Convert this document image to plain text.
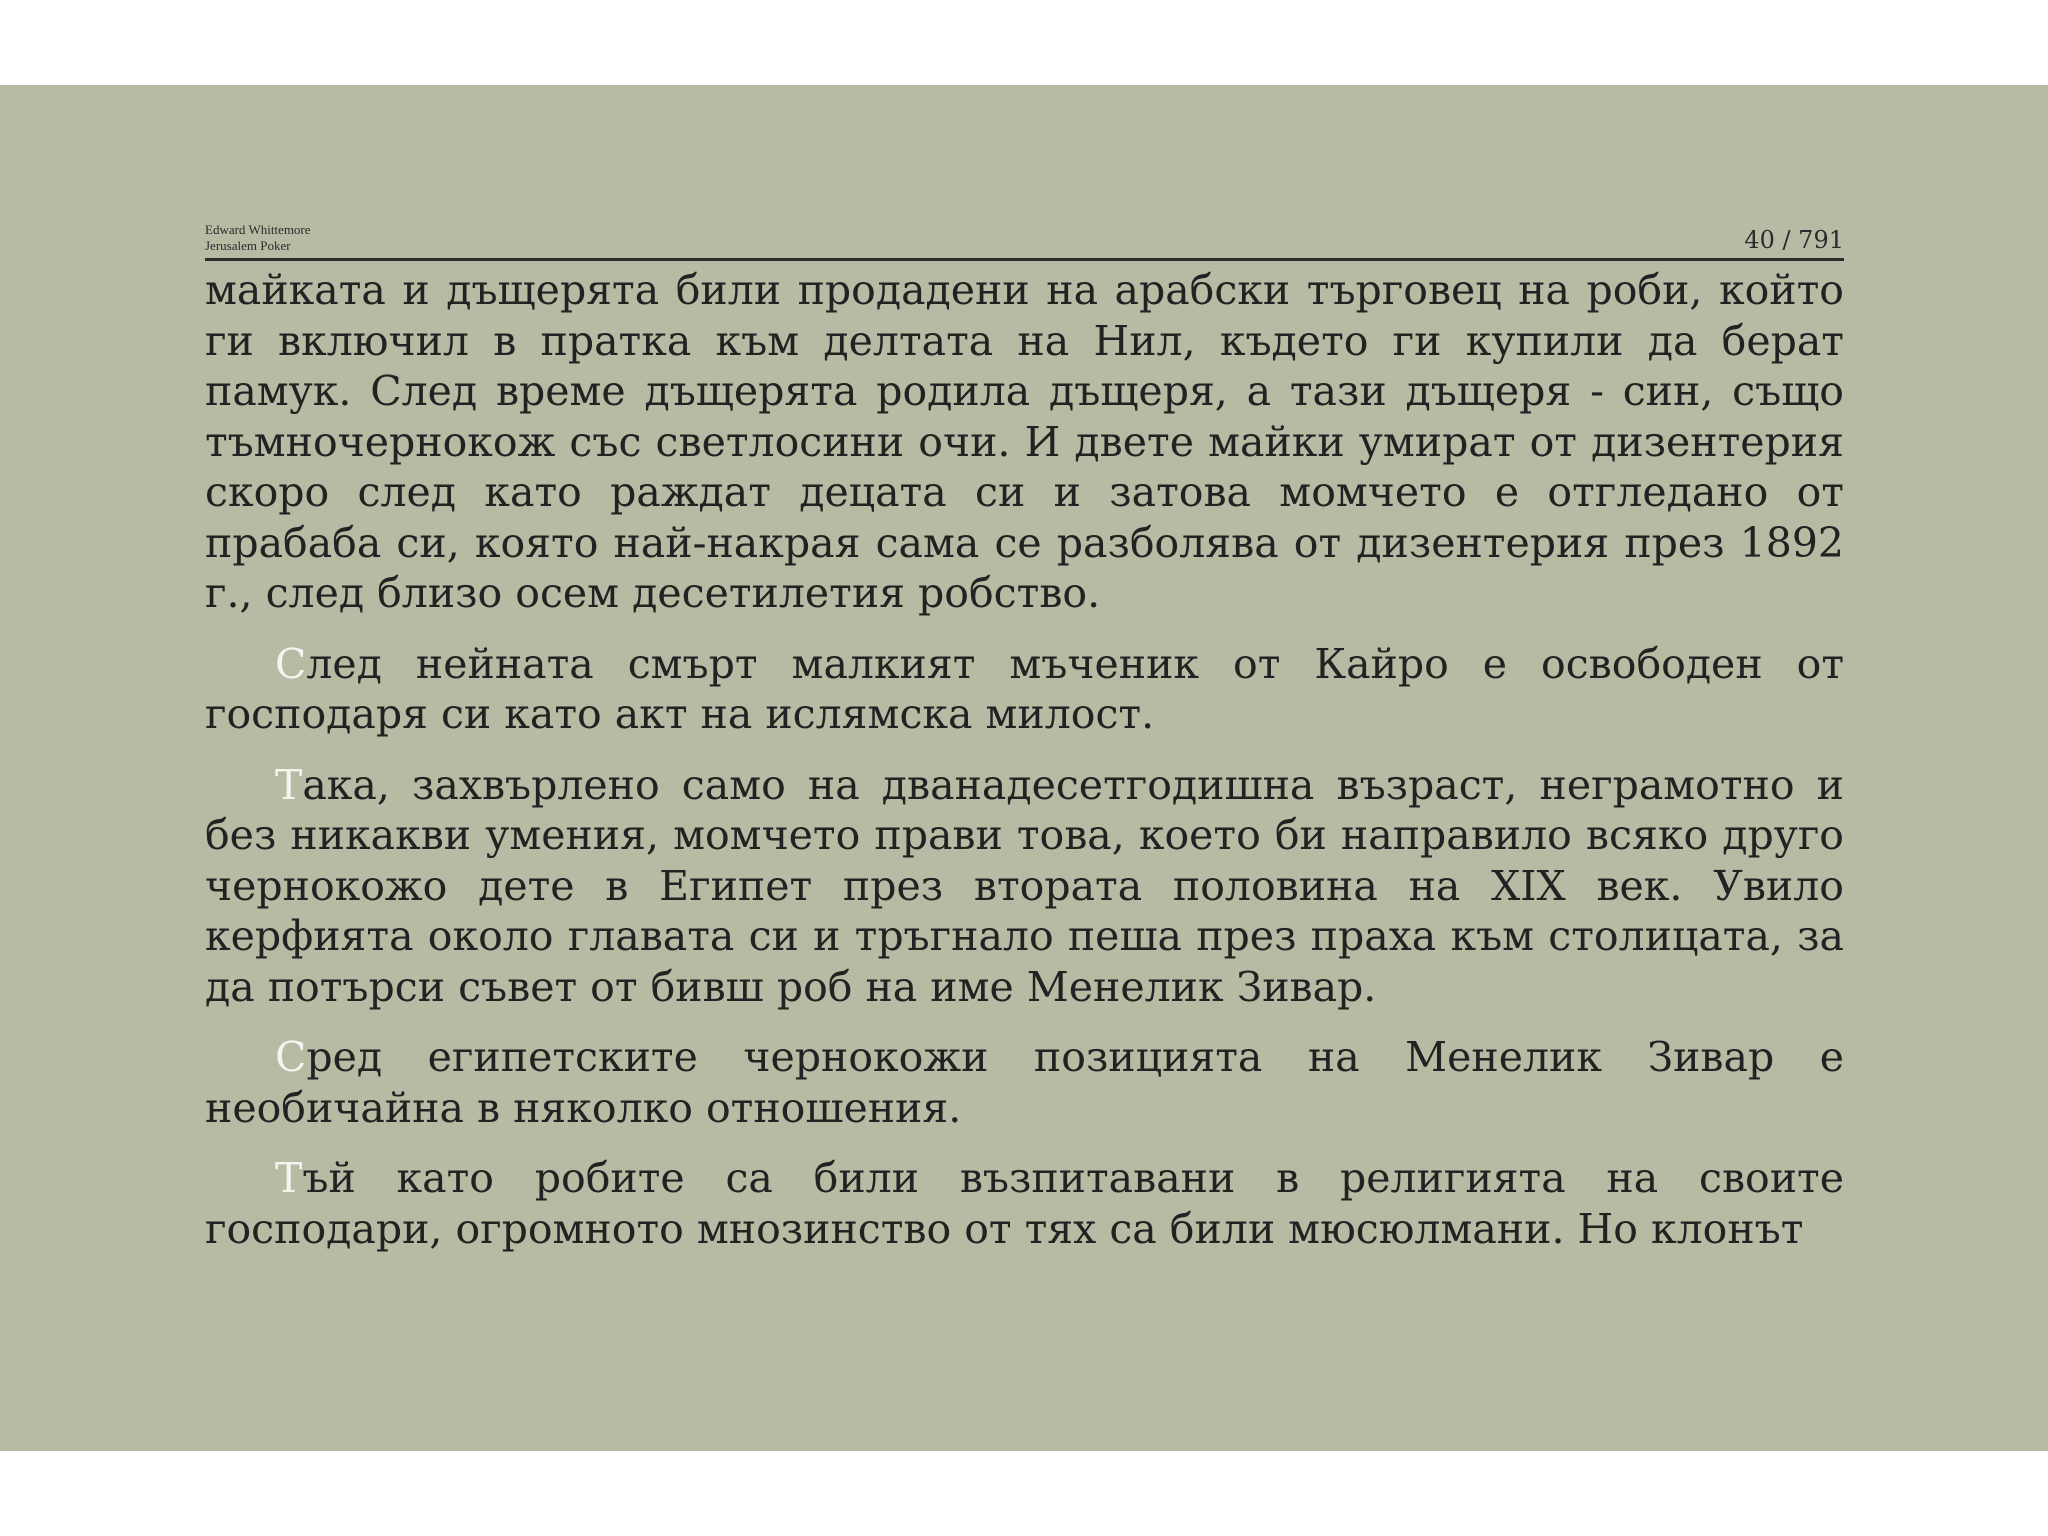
Edward Whittemore
Jerusalem Poker	40 / 791

майката и дъщерята били продадени на арабски търговец на роби, който ги включил в пратка към делтата на Нил, където ги купили да берат памук. След време дъщерята родила дъщеря, а тази дъщеря - син, също тъмночернокож със светлосини очи. И двете майки умират от дизентерия скоро след като раждат децата си и затова момчето е отгледано от прабаба си, която най-накрая сама се разболява от дизентерия през 1892 г., след близо осем десетилетия робство.

След нейната смърт малкият мъченик от Кайро е освободен от господаря си като акт на ислямска милост.

Така, захвърлено само на дванадесетгодишна възраст, неграмотно и без никакви умения, момчето прави това, което би направило всяко друго чернокожо дете в Египет през втората половина на XIX век. Увило керфията около главата си и тръгнало пеша през праха към столицата, за да потърси съвет от бивш роб на име Менелик Зивар.

Сред египетските чернокожи позицията на Менелик Зивар е необичайна в няколко отношения.

Тъй като робите са били възпитавани в религията на своите господари, огромното мнозинство от тях са били мюсюлмани. Но клонът
